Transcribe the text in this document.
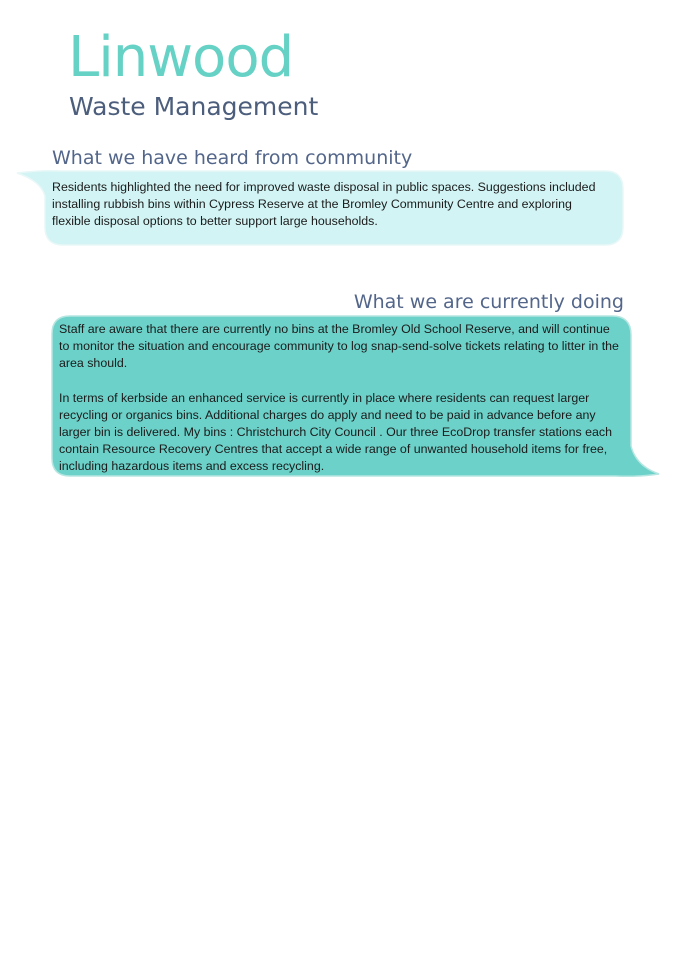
Linwood
Waste Management
What we have heard from community

Residents highlighted the need for improved waste disposal in public spaces. Suggestions included installing rubbish bins within Cypress Reserve at the Bromley Community Centre and exploring flexible disposal options to better support large households.

What we are currently doing

Staff are aware that there are currently no bins at the Bromley Old School Reserve, and will continue to monitor the situation and encourage community to log snap-send-solve tickets relating to litter in the area should.

In terms of kerbside an enhanced service is currently in place where residents can request larger recycling or organics bins. Additional charges do apply and need to be paid in advance before any larger bin is delivered. My bins : Christchurch City Council . Our three EcoDrop transfer stations each contain Resource Recovery Centres that accept a wide range of unwanted household items for free, including hazardous items and excess recycling.
